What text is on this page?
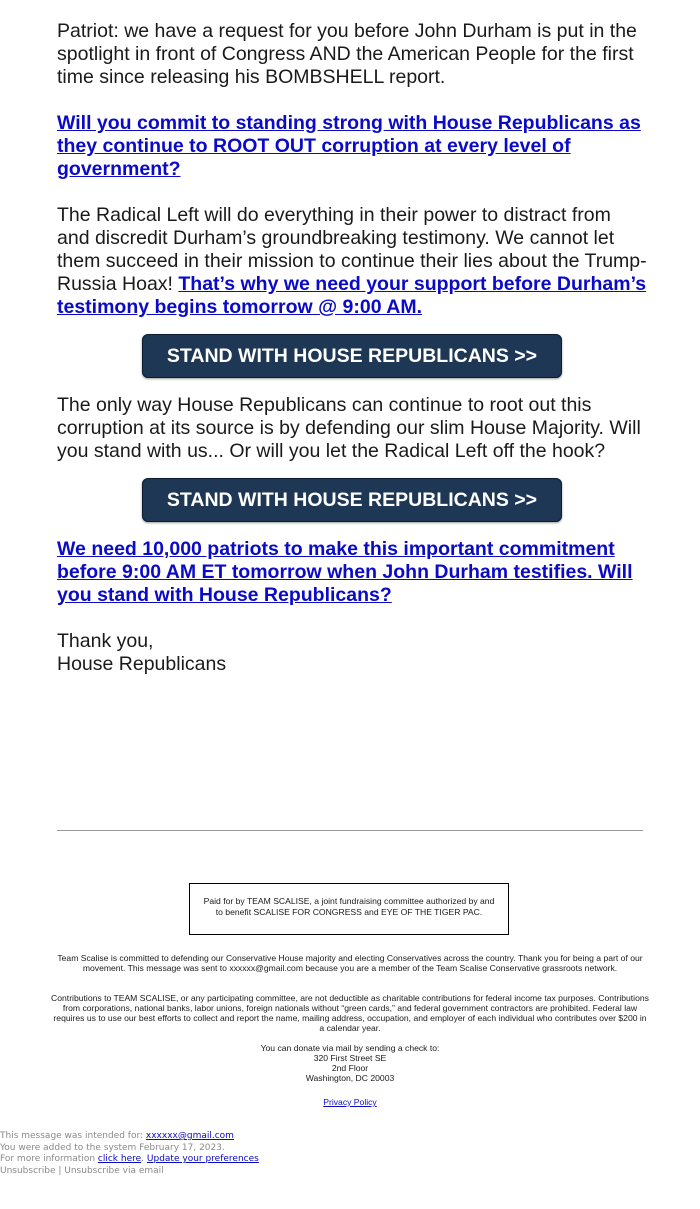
Patriot: we have a request for you before John Durham is put in the spotlight in front of Congress AND the American People for the first time since releasing his BOMBSHELL report.

Will you commit to standing strong with House Republicans as they continue to ROOT OUT corruption at every level of government?

The Radical Left will do everything in their power to distract from and discredit Durham’s groundbreaking testimony. We cannot let them succeed in their mission to continue their lies about the Trump-Russia Hoax! That’s why we need your support before Durham’s testimony begins tomorrow @ 9:00 AM.

STAND WITH HOUSE REPUBLICANS >>

The only way House Republicans can continue to root out this corruption at its source is by defending our slim House Majority. Will you stand with us... Or will you let the Radical Left off the hook?

STAND WITH HOUSE REPUBLICANS >>

We need 10,000 patriots to make this important commitment before 9:00 AM ET tomorrow when John Durham testifies. Will you stand with House Republicans?

Thank you,

House Republicans

Paid for by TEAM SCALISE, a joint fundraising committee authorized by and to benefit SCALISE FOR CONGRESS and EYE OF THE TIGER PAC.
Team Scalise is committed to defending our Conservative House majority and electing Conservatives across the country. Thank you for being a part of our movement. This message was sent to xxxxxx@gmail.com because you are a member of the Team Scalise Conservative grassroots network.
Contributions to TEAM SCALISE, or any participating committee, are not deductible as charitable contributions for federal income tax purposes. Contributions from corporations, national banks, labor unions, foreign nationals without “green cards,” and federal government contractors are prohibited. Federal law requires us to use our best efforts to collect and report the name, mailing address, occupation, and employer of each individual who contributes over $200 in a calendar year.
You can donate via mail by sending a check to:
320 First Street SE
2nd Floor
Washington, DC 20003
Privacy Policy
This message was intended for: xxxxxx@gmail.com
You were added to the system February 17, 2023.
For more information click here. Update your preferences
Unsubscribe | Unsubscribe via email
